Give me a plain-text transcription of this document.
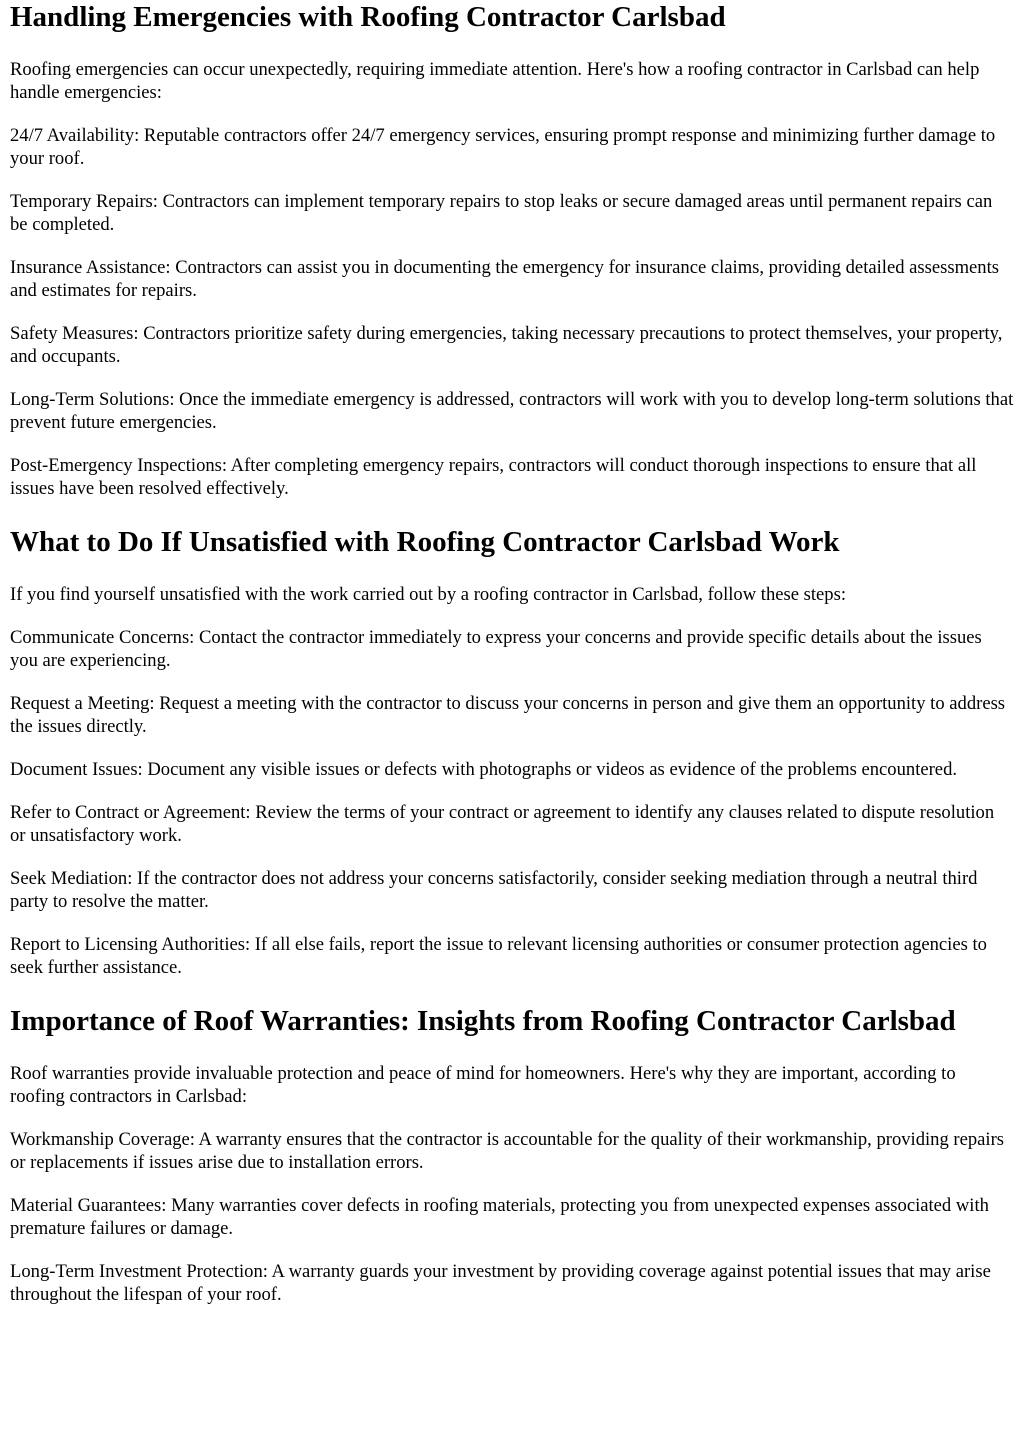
Handling Emergencies with Roofing Contractor Carlsbad

Roofing emergencies can occur unexpectedly, requiring immediate attention. Here's how a roofing contractor in Carlsbad can help handle emergencies:

24/7 Availability: Reputable contractors offer 24/7 emergency services, ensuring prompt response and minimizing further damage to your roof.

Temporary Repairs: Contractors can implement temporary repairs to stop leaks or secure damaged areas until permanent repairs can be completed.

Insurance Assistance: Contractors can assist you in documenting the emergency for insurance claims, providing detailed assessments and estimates for repairs.

Safety Measures: Contractors prioritize safety during emergencies, taking necessary precautions to protect themselves, your property, and occupants.

Long-Term Solutions: Once the immediate emergency is addressed, contractors will work with you to develop long-term solutions that prevent future emergencies.

Post-Emergency Inspections: After completing emergency repairs, contractors will conduct thorough inspections to ensure that all issues have been resolved effectively.

What to Do If Unsatisfied with Roofing Contractor Carlsbad Work

If you find yourself unsatisfied with the work carried out by a roofing contractor in Carlsbad, follow these steps:

Communicate Concerns: Contact the contractor immediately to express your concerns and provide specific details about the issues you are experiencing.

Request a Meeting: Request a meeting with the contractor to discuss your concerns in person and give them an opportunity to address the issues directly.

Document Issues: Document any visible issues or defects with photographs or videos as evidence of the problems encountered.

Refer to Contract or Agreement: Review the terms of your contract or agreement to identify any clauses related to dispute resolution or unsatisfactory work.

Seek Mediation: If the contractor does not address your concerns satisfactorily, consider seeking mediation through a neutral third party to resolve the matter.

Report to Licensing Authorities: If all else fails, report the issue to relevant licensing authorities or consumer protection agencies to seek further assistance.

Importance of Roof Warranties: Insights from Roofing Contractor Carlsbad

Roof warranties provide invaluable protection and peace of mind for homeowners. Here's why they are important, according to roofing contractors in Carlsbad:

Workmanship Coverage: A warranty ensures that the contractor is accountable for the quality of their workmanship, providing repairs or replacements if issues arise due to installation errors.

Material Guarantees: Many warranties cover defects in roofing materials, protecting you from unexpected expenses associated with premature failures or damage.

Long-Term Investment Protection: A warranty guards your investment by providing coverage against potential issues that may arise throughout the lifespan of your roof.
